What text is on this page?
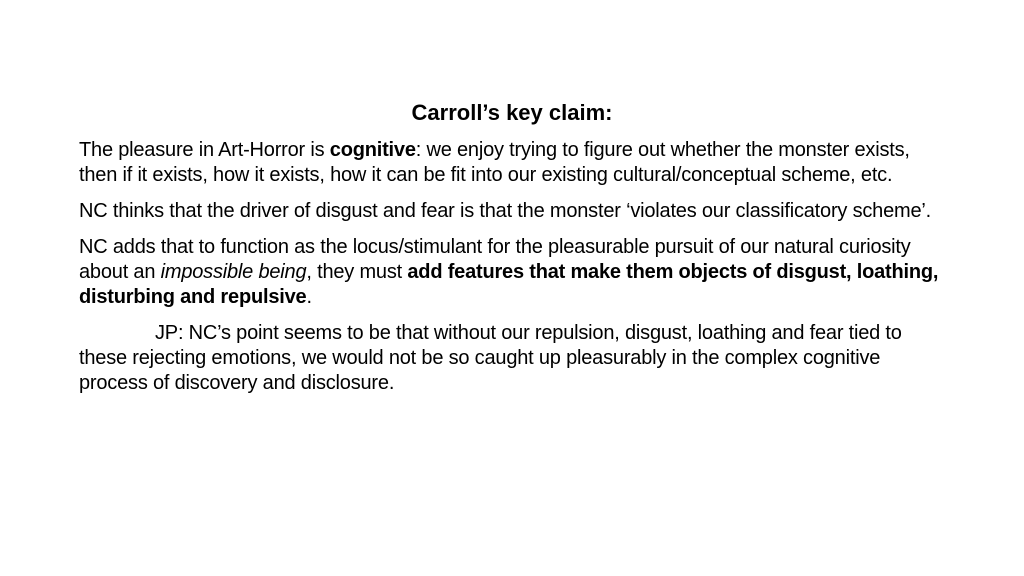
Carroll’s key claim:

The pleasure in Art-Horror is cognitive: we enjoy trying to figure out whether the monster exists, then if it exists, how it exists, how it can be fit into our existing cultural/conceptual scheme, etc.

NC thinks that the driver of disgust and fear is that the monster ‘violates our classificatory scheme’.

NC adds that to function as the locus/stimulant for the pleasurable pursuit of our natural curiosity about an impossible being, they must add features that make them objects of disgust, loathing, disturbing and repulsive.

JP: NC’s point seems to be that without our repulsion, disgust, loathing and fear tied to these rejecting emotions, we would not be so caught up pleasurably in the complex cognitive process of discovery and disclosure.
